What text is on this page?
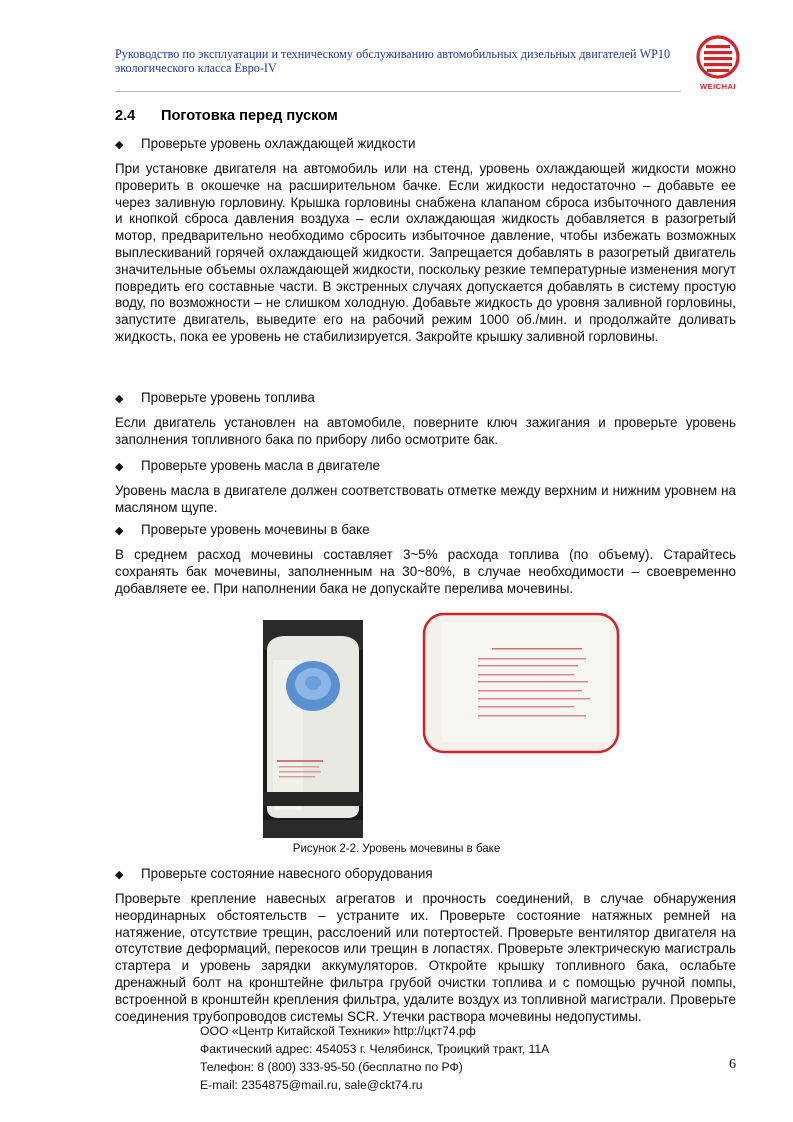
Руководство по эксплуатации и техническому обслуживанию автомобильных дизельных двигателей WP10
экологического класса Евро-IV
WEICHAI
2.4 Поготовка перед пуском
◆ Проверьте уровень охлаждающей жидкости
При установке двигателя на автомобиль или на стенд, уровень охлаждающей жидкости можно проверить в окошечке на расширительном бачке. Если жидкости недостаточно – добавьте ее через заливную горловину. Крышка горловины снабжена клапаном сброса избыточного давления и кнопкой сброса давления воздуха – если охлаждающая жидкость добавляется в разогретый мотор, предварительно необходимо сбросить избыточное давление, чтобы избежать возможных выплескиваний горячей охлаждающей жидкости. Запрещается добавлять в разогретый двигатель значительные объемы охлаждающей жидкости, поскольку резкие температурные изменения могут повредить его составные части. В экстренных случаях допускается добавлять в систему простую воду, по возможности – не слишком холодную. Добавьте жидкость до уровня заливной горловины, запустите двигатель, выведите его на рабочий режим 1000 об./мин. и продолжайте доливать жидкость, пока ее уровень не стабилизируется. Закройте крышку заливной горловины.
◆ Проверьте уровень топлива
Если двигатель установлен на автомобиле, поверните ключ зажигания и проверьте уровень заполнения топливного бака по прибору либо осмотрите бак.
◆ Проверьте уровень масла в двигателе
Уровень масла в двигателе должен соответствовать отметке между верхним и нижним уровнем на масляном щупе.
◆ Проверьте уровень мочевины в баке
В среднем расход мочевины составляет 3~5% расхода топлива (по объему). Старайтесь сохранять бак мочевины, заполненным на 30~80%, в случае необходимости – своевременно добавляете ее. При наполнении бака не допускайте перелива мочевины.
Рисунок 2-2. Уровень мочевины в баке
◆ Проверьте состояние навесного оборудования
Проверьте крепление навесных агрегатов и прочность соединений, в случае обнаружения неординарных обстоятельств – устраните их. Проверьте состояние натяжных ремней на натяжение, отсутствие трещин, расслоений или потертостей. Проверьте вентилятор двигателя на отсутствие деформаций, перекосов или трещин в лопастях. Проверьте электрическую магистраль стартера и уровень зарядки аккумуляторов. Откройте крышку топливного бака, ослабьте дренажный болт на кронштейне фильтра грубой очистки топлива и с помощью ручной помпы, встроенной в кронштейн крепления фильтра, удалите воздух из топливной магистрали. Проверьте соединения трубопроводов системы SCR. Утечки раствора мочевины недопустимы.
ООО «Центр Китайской Техники» http://цкт74.рф
Фактический адрес: 454053 г. Челябинск, Троицкий тракт, 11А
Телефон: 8 (800) 333-95-50 (бесплатно по РФ)
E-mail: 2354875@mail.ru, sale@ckt74.ru
6
